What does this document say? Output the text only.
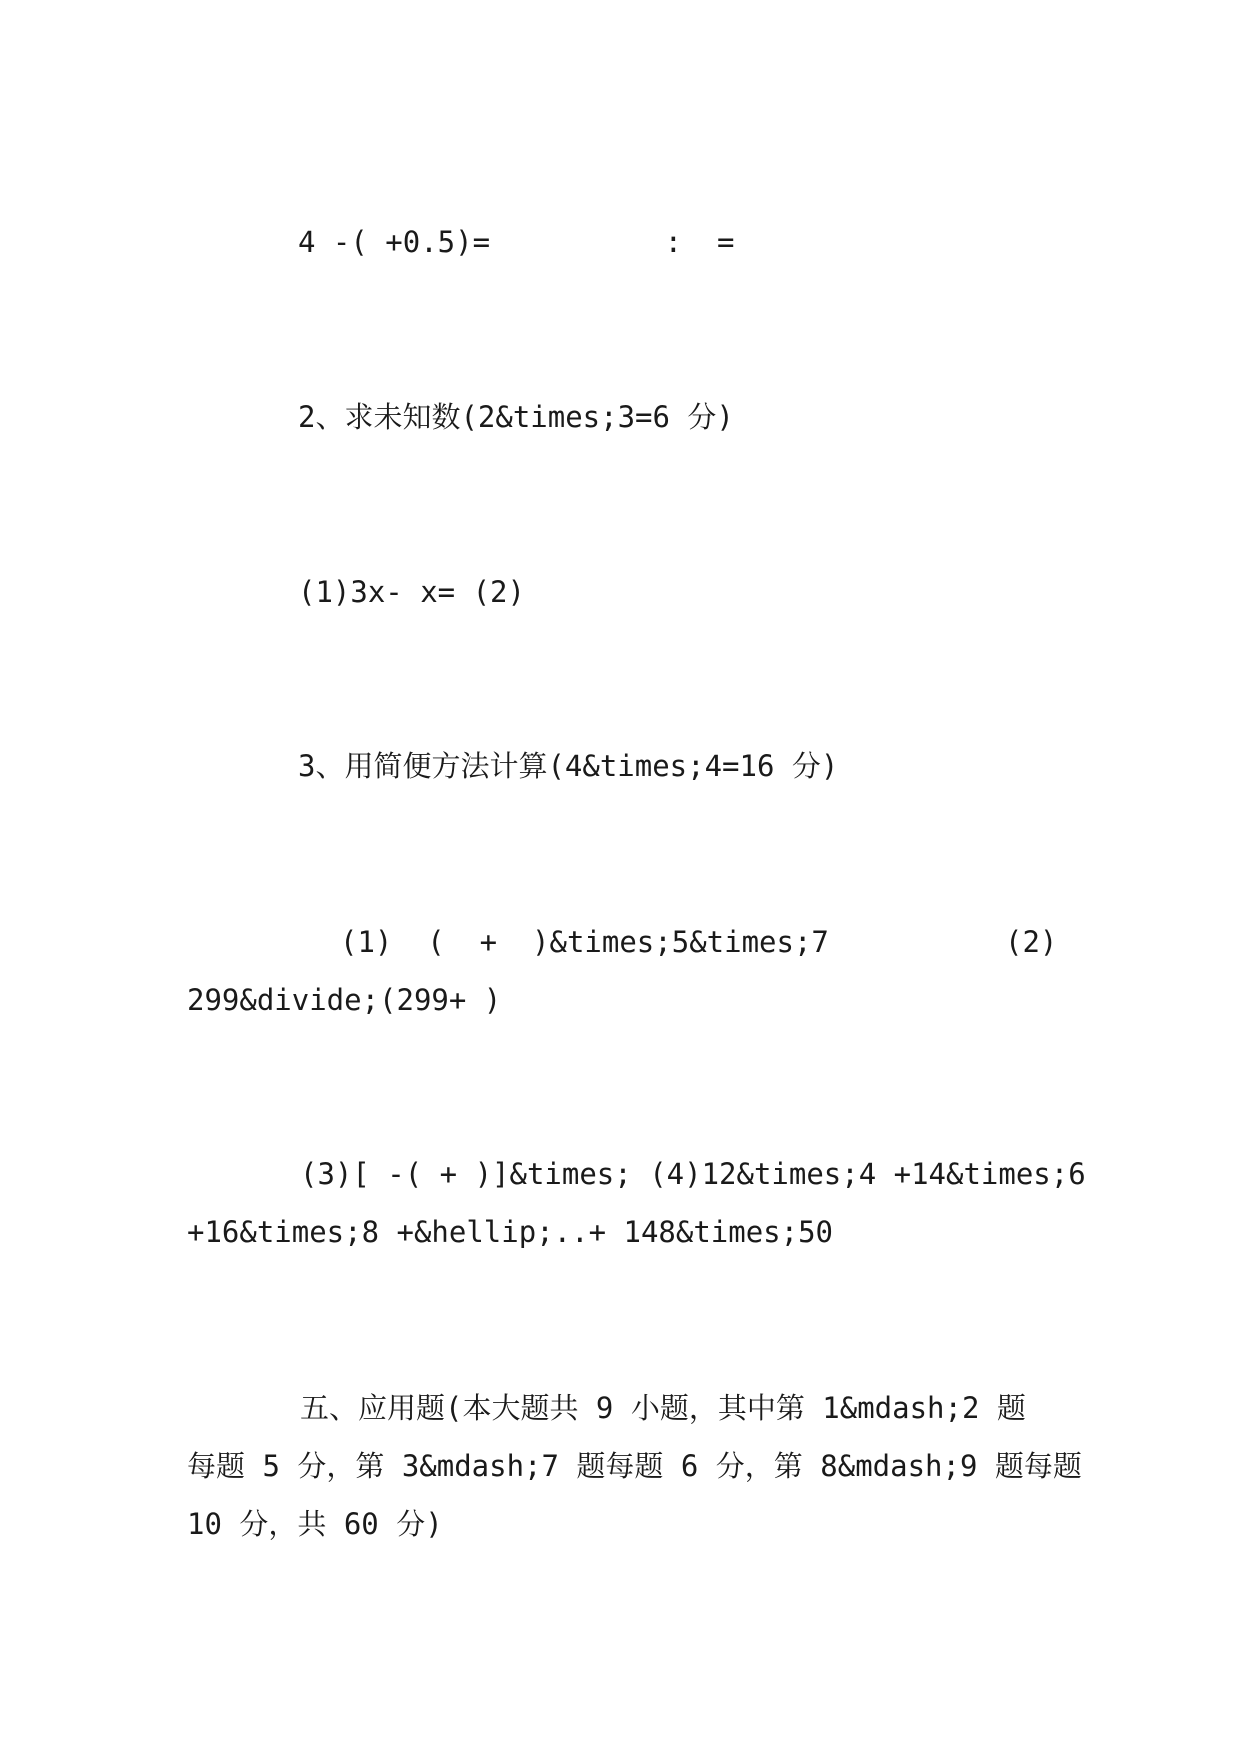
4 -( +0.5)=          :  =
2、求未知数(2&times;3=6 分)
(1)3x- x= (2)
3、用简便方法计算(4&times;4=16 分)
(1)  (  +  )&times;5&times;7	(2)
299&divide;(299+ )
(3)[ -( + )]&times; (4)12&times;4 +14&times;6
+16&times;8 +&hellip;..+ 148&times;50
五、应用题(本大题共 9 小题，其中第 1&mdash;2 题
每题 5 分，第 3&mdash;7 题每题 6 分，第 8&mdash;9 题每题
10 分，共 60 分)
